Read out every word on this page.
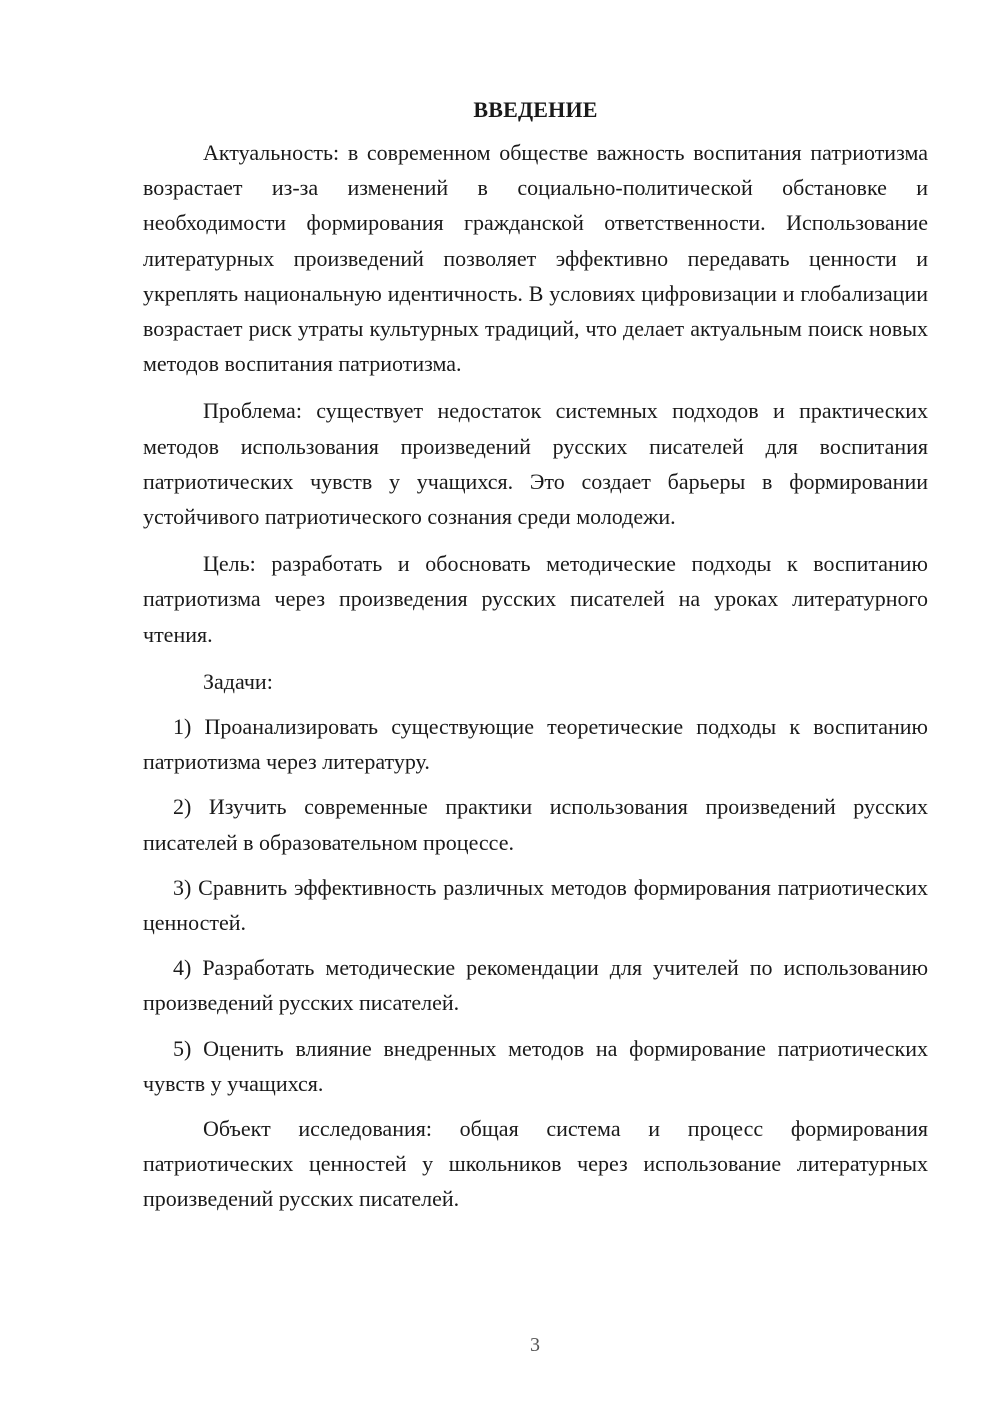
ВВЕДЕНИЕ

Актуальность: в современном обществе важность воспитания патриотизма возрастает из-за изменений в социально-политической обстановке и необходимости формирования гражданской ответственности. Использование литературных произведений позволяет эффективно передавать ценности и укреплять национальную идентичность. В условиях цифровизации и глобализации возрастает риск утраты культурных традиций, что делает актуальным поиск новых методов воспитания патриотизма.

Проблема: существует недостаток системных подходов и практических методов использования произведений русских писателей для воспитания патриотических чувств у учащихся. Это создает барьеры в формировании устойчивого патриотического сознания среди молодежи.

Цель: разработать и обосновать методические подходы к воспитанию патриотизма через произведения русских писателей на уроках литературного чтения.

Задачи:

1) Проанализировать существующие теоретические подходы к воспитанию патриотизма через литературу.

2) Изучить современные практики использования произведений русских писателей в образовательном процессе.

3) Сравнить эффективность различных методов формирования патриотических ценностей.

4) Разработать методические рекомендации для учителей по использованию произведений русских писателей.

5) Оценить влияние внедренных методов на формирование патриотических чувств у учащихся.

Объект исследования: общая система и процесс формирования патриотических ценностей у школьников через использование литературных произведений русских писателей.

3
